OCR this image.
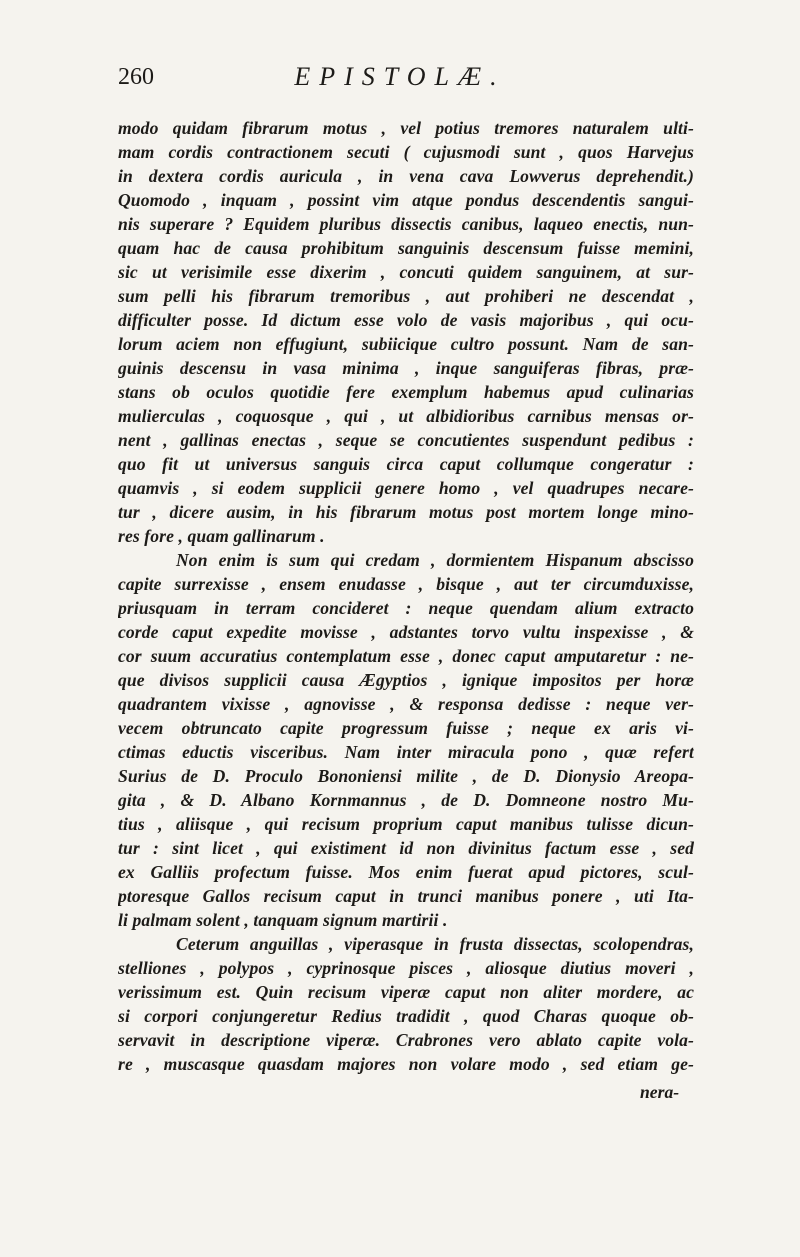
260	EPISTOLÆ.
modo quidam fibrarum motus , vel potius tremores naturalem ulti-
mam cordis contractionem secuti ( cujusmodi sunt , quos Harvejus
in dextera cordis auricula , in vena cava Lowverus deprehendit.)
Quomodo , inquam , possint vim atque pondus descendentis sangui-
nis superare ? Equidem pluribus dissectis canibus, laqueo enectis, nun-
quam hac de causa prohibitum sanguinis descensum fuisse memini,
sic ut verisimile esse dixerim , concuti quidem sanguinem, at sur-
sum pelli his fibrarum tremoribus , aut prohiberi ne descendat ,
difficulter posse. Id dictum esse volo de vasis majoribus , qui ocu-
lorum aciem non effugiunt, subiicique cultro possunt. Nam de san-
guinis descensu in vasa minima , inque sanguiferas fibras, præ-
stans ob oculos quotidie fere exemplum habemus apud culinarias
mulierculas , coquosque , qui , ut albidioribus carnibus mensas or-
nent , gallinas enectas , seque se concutientes suspendunt pedibus :
quo fit ut universus sanguis circa caput collumque congeratur :
quamvis , si eodem supplicii genere homo , vel quadrupes necare-
tur , dicere ausim, in his fibrarum motus post mortem longe mino-
res fore , quam gallinarum .
Non enim is sum qui credam , dormientem Hispanum abscisso
capite surrexisse , ensem enudasse , bisque , aut ter circumduxisse,
priusquam in terram concideret : neque quendam alium extracto
corde caput expedite movisse , adstantes torvo vultu inspexisse , &
cor suum accuratius contemplatum esse , donec caput amputaretur : ne-
que divisos supplicii causa Ægyptios , ignique impositos per horæ
quadrantem vixisse , agnovisse , & responsa dedisse : neque ver-
vecem obtruncato capite progressum fuisse ; neque ex aris vi-
ctimas eductis visceribus. Nam inter miracula pono , quæ refert
Surius de D. Proculo Bononiensi milite , de D. Dionysio Areopa-
gita , & D. Albano Kornmannus , de D. Domneone nostro Mu-
tius , aliisque , qui recisum proprium caput manibus tulisse dicun-
tur : sint licet , qui existiment id non divinitus factum esse , sed
ex Galliis profectum fuisse. Mos enim fuerat apud pictores, scul-
ptoresque Gallos recisum caput in trunci manibus ponere , uti Ita-
li palmam solent , tanquam signum martirii .
Ceterum anguillas , viperasque in frusta dissectas, scolopendras,
stelliones , polypos , cyprinosque pisces , aliosque diutius moveri ,
verissimum est. Quin recisum viperæ caput non aliter mordere, ac
si corpori conjungeretur Redius tradidit , quod Charas quoque ob-
servavit in descriptione viperæ. Crabrones vero ablato capite vola-
re , muscasque quasdam majores non volare modo , sed etiam ge-
nera-
